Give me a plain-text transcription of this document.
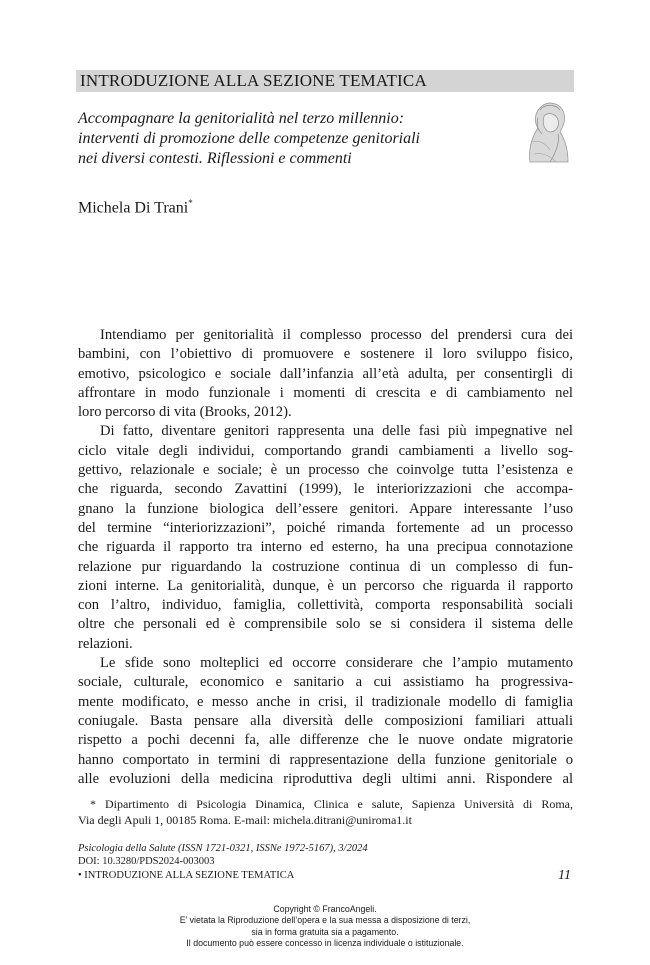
INTRODUZIONE ALLA SEZIONE TEMATICA
Accompagnare la genitorialità nel terzo millennio:
interventi di promozione delle competenze genitoriali
nei diversi contesti. Riflessioni e commenti
Michela Di Trani*
Intendiamo per genitorialità il complesso processo del prendersi cura dei
bambini, con l’obiettivo di promuovere e sostenere il loro sviluppo fisico,
emotivo, psicologico e sociale dall’infanzia all’età adulta, per consentirgli di
affrontare in modo funzionale i momenti di crescita e di cambiamento nel
loro percorso di vita (Brooks, 2012).
Di fatto, diventare genitori rappresenta una delle fasi più impegnative nel
ciclo vitale degli individui, comportando grandi cambiamenti a livello sog-
gettivo, relazionale e sociale; è un processo che coinvolge tutta l’esistenza e
che riguarda, secondo Zavattini (1999), le interiorizzazioni che accompa-
gnano la funzione biologica dell’essere genitori. Appare interessante l’uso
del termine “interiorizzazioni”, poiché rimanda fortemente ad un processo
che riguarda il rapporto tra interno ed esterno, ha una precipua connotazione
relazione pur riguardando la costruzione continua di un complesso di fun-
zioni interne. La genitorialità, dunque, è un percorso che riguarda il rapporto
con l’altro, individuo, famiglia, collettività, comporta responsabilità sociali
oltre che personali ed è comprensibile solo se si considera il sistema delle
relazioni.
Le sfide sono molteplici ed occorre considerare che l’ampio mutamento
sociale, culturale, economico e sanitario a cui assistiamo ha progressiva-
mente modificato, e messo anche in crisi, il tradizionale modello di famiglia
coniugale. Basta pensare alla diversità delle composizioni familiari attuali
rispetto a pochi decenni fa, alle differenze che le nuove ondate migratorie
hanno comportato in termini di rappresentazione della funzione genitoriale o
alle evoluzioni della medicina riproduttiva degli ultimi anni. Rispondere al
* Dipartimento di Psicologia Dinamica, Clinica e salute, Sapienza Università di Roma,
Via degli Apuli 1, 00185 Roma. E-mail: michela.ditrani@uniroma1.it
Psicologia della Salute (ISSN 1721-0321, ISSNe 1972-5167), 3/2024
DOI: 10.3280/PDS2024-003003
• INTRODUZIONE ALLA SEZIONE TEMATICA	11
Copyright © FrancoAngeli.
E’ vietata la Riproduzione dell’opera e la sua messa a disposizione di terzi,
sia in forma gratuita sia a pagamento.
Il documento può essere concesso in licenza individuale o istituzionale.
